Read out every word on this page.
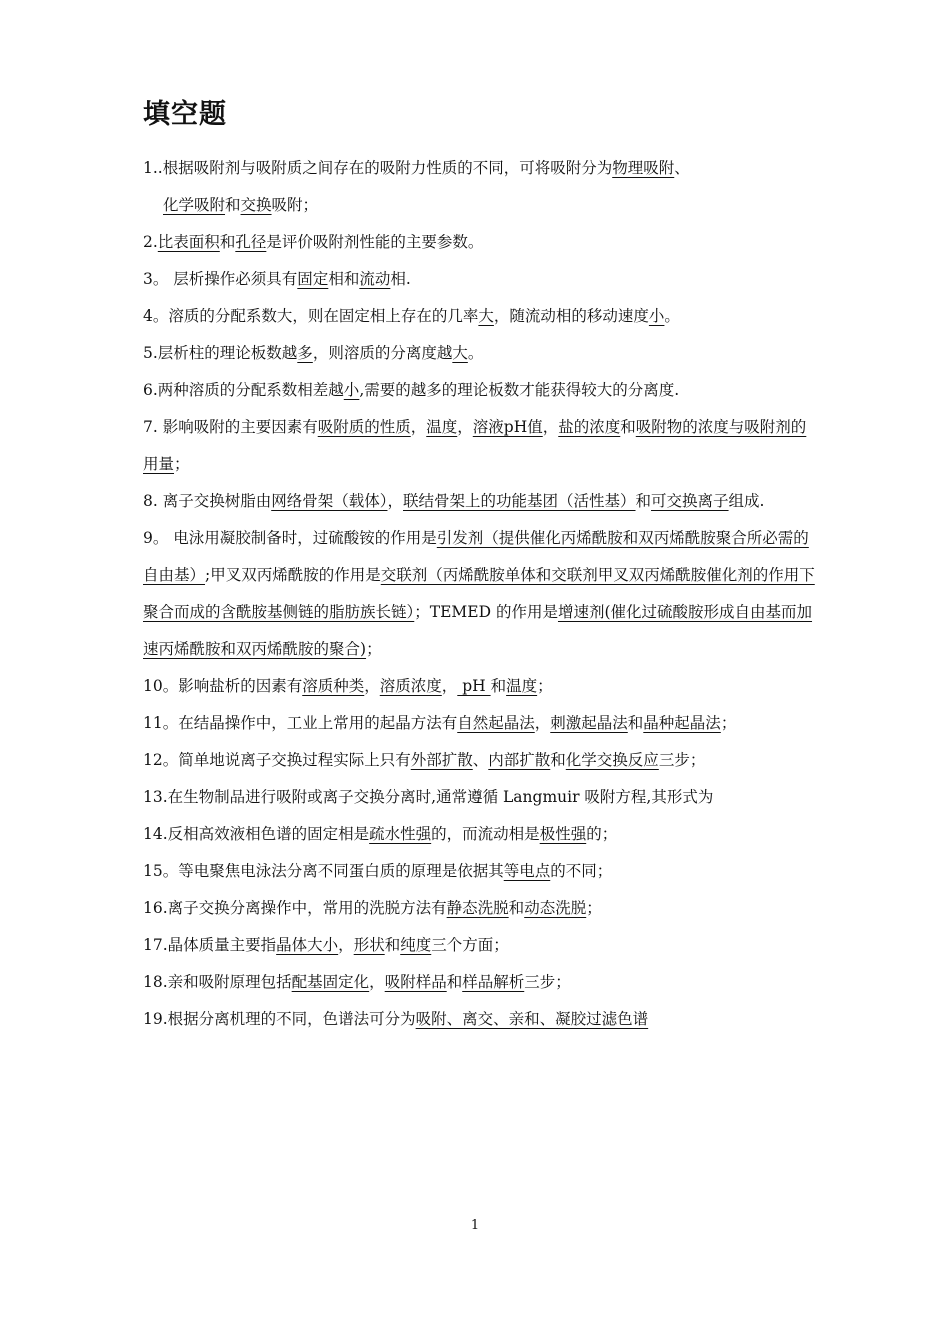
填空题
1..根据吸附剂与吸附质之间存在的吸附力性质的不同，可将吸附分为物理吸附、
化学吸附和交换吸附；
2.比表面积和孔径是评价吸附剂性能的主要参数。
3。 层析操作必须具有固定相和流动相.
4。溶质的分配系数大，则在固定相上存在的几率大，随流动相的移动速度小。
5.层析柱的理论板数越多，则溶质的分离度越大。
6.两种溶质的分配系数相差越小,需要的越多的理论板数才能获得较大的分离度.
7. 影响吸附的主要因素有吸附质的性质，温度，溶液pH值，盐的浓度和吸附物的浓度与吸附剂的用量；
8. 离子交换树脂由网络骨架（载体），联结骨架上的功能基团（活性基）和可交换离子组成.
9。 电泳用凝胶制备时，过硫酸铵的作用是引发剂（提供催化丙烯酰胺和双丙烯酰胺聚合所必需的自由基）;甲叉双丙烯酰胺的作用是交联剂（丙烯酰胺单体和交联剂甲叉双丙烯酰胺催化剂的作用下聚合而成的含酰胺基侧链的脂肪族长链）；TEMED 的作用是增速剂(催化过硫酸胺形成自由基而加速丙烯酰胺和双丙烯酰胺的聚合)；
10。影响盐析的因素有溶质种类，溶质浓度， pH 和温度；
11。在结晶操作中，工业上常用的起晶方法有自然起晶法，刺激起晶法和晶种起晶法；
12。简单地说离子交换过程实际上只有外部扩散、内部扩散和化学交换反应三步；
13.在生物制品进行吸附或离子交换分离时,通常遵循 Langmuir 吸附方程,其形式为
14.反相高效液相色谱的固定相是疏水性强的，而流动相是极性强的；
15。等电聚焦电泳法分离不同蛋白质的原理是依据其等电点的不同；
16.离子交换分离操作中，常用的洗脱方法有静态洗脱和动态洗脱；
17.晶体质量主要指晶体大小，形状和纯度三个方面；
18.亲和吸附原理包括配基固定化，吸附样品和样品解析三步；
19.根据分离机理的不同，色谱法可分为吸附、离交、亲和、凝胶过滤色谱
1
